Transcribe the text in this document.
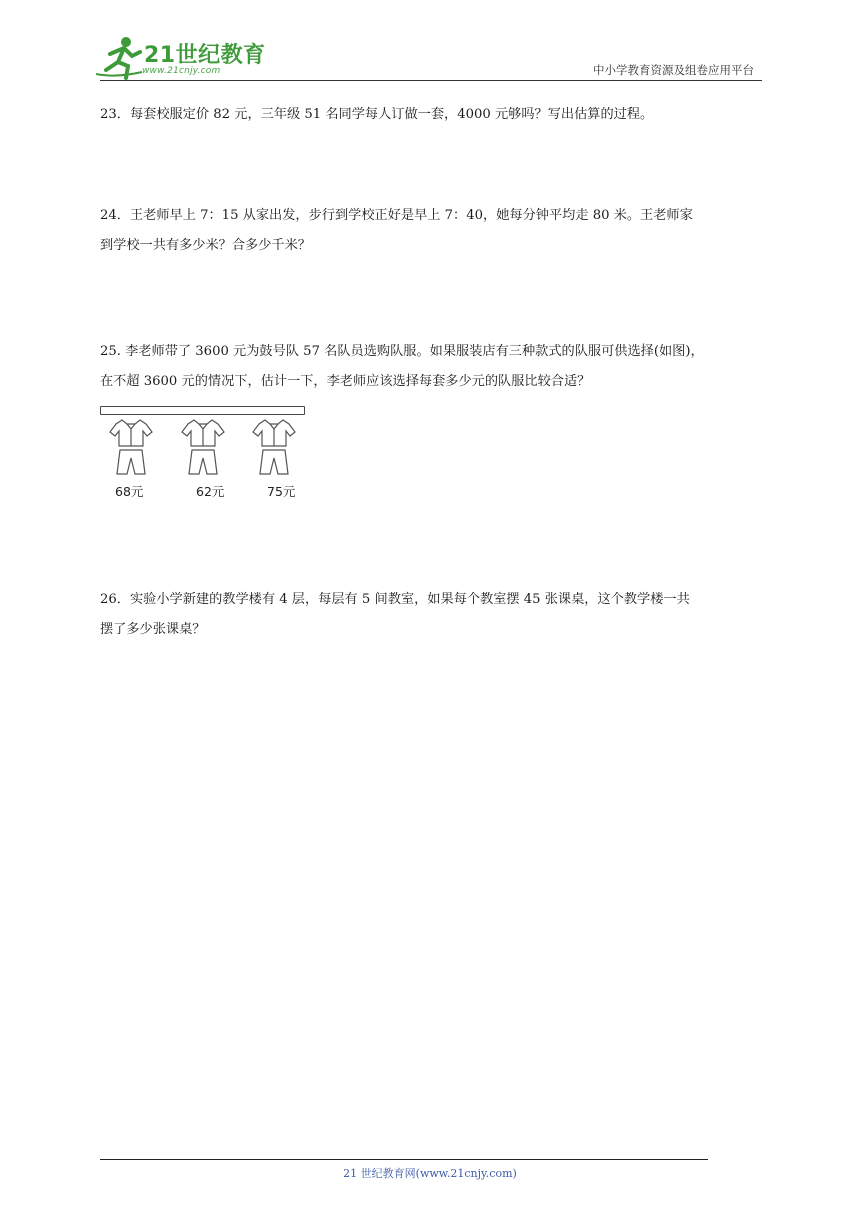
21世纪教育
www.21cnjy.com	中小学教育资源及组卷应用平台

23．每套校服定价 82 元，三年级 51 名同学每人订做一套，4000 元够吗？写出估算的过程。

24．王老师早上 7：15 从家出发，步行到学校正好是早上 7：40，她每分钟平均走 80 米。王老师家

到学校一共有多少米？合多少千米？

25. 李老师带了 3600 元为鼓号队 57 名队员选购队服。如果服装店有三种款式的队服可供选择(如图)，

在不超 3600 元的情况下，估计一下，李老师应该选择每套多少元的队服比较合适？

68元	62元	75元

26．实验小学新建的教学楼有 4 层，每层有 5 间教室，如果每个教室摆 45 张课桌，这个教学楼一共

摆了多少张课桌？

21 世纪教育网(www.21cnjy.com)
